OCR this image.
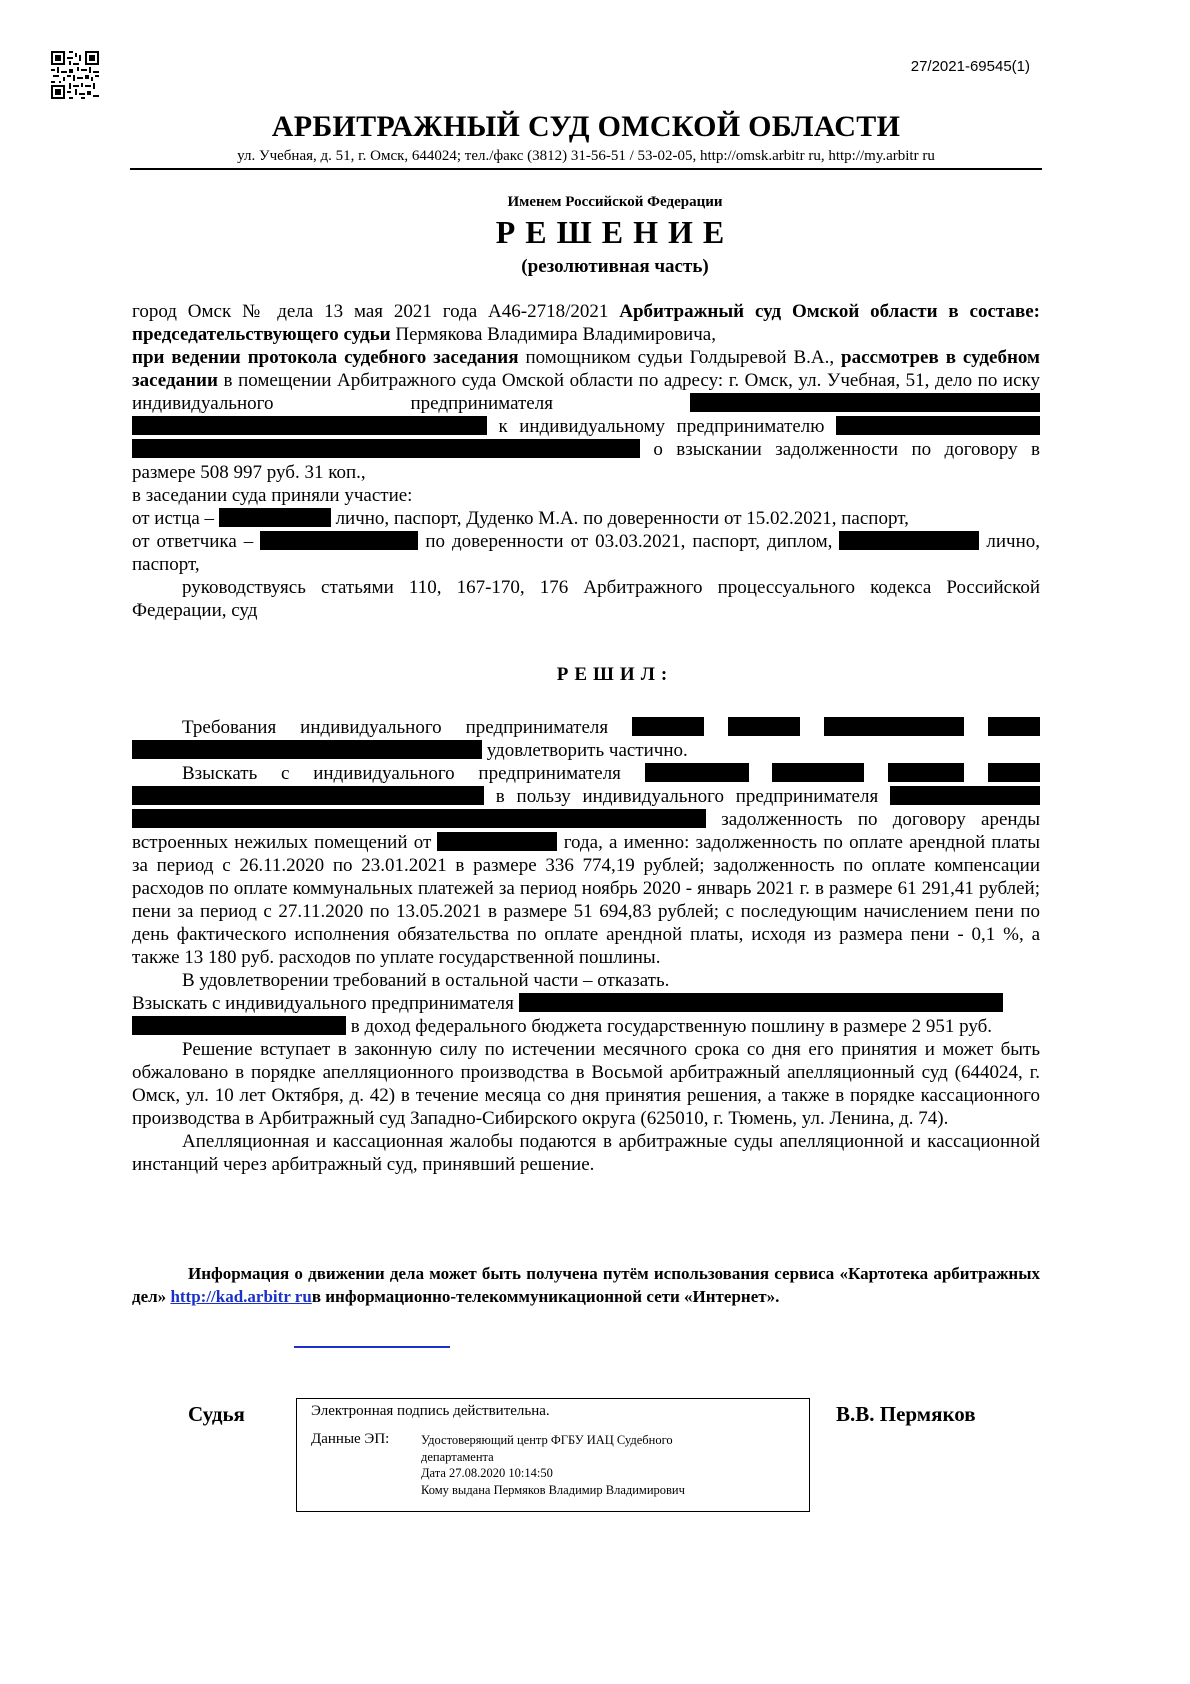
27/2021-69545(1)
АРБИТРАЖНЫЙ СУД ОМСКОЙ ОБЛАСТИ
ул. Учебная, д. 51, г. Омск, 644024; тел./факс (3812) 31-56-51 / 53-02-05, http://omsk.arbitr ru, http://my.arbitr ru
Именем Российской Федерации
РЕШЕНИЕ
(резолютивная часть)

город Омск № дела 13 мая 2021 года А46-2718/2021 Арбитражный суд Омской области в составе: председательствующего судьи Пермякова Владимира Владимировича,

при ведении протокола судебного заседания помощником судьи Голдыревой В.А., рассмотрев в судебном заседании в помещении Арбитражного суда Омской области по адресу: г. Омск, ул. Учебная, 51, дело по иску индивидуального предпринимателя   к индивидуальному предпринимателю   о взыскании задолженности по договору в размере 508 997 руб. 31 коп.,

в заседании суда приняли участие:

от истца –	лично, паспорт, Дуденко М.А. по доверенности от 15.02.2021, паспорт,

от ответчика –	по доверенности от 03.03.2021, паспорт, диплом,	лично, паспорт,

руководствуясь статьями 110, 167-170, 176 Арбитражного процессуального кодекса Российской Федерации, суд

РЕШИЛ:

Требования индивидуального предпринимателя      удовлетворить частично.

Взыскать с индивидуального предпринимателя      в пользу индивидуального предпринимателя   задолженность по договору аренды встроенных нежилых помещений от	года, а именно: задолженность по оплате арендной платы за период с 26.11.2020 по 23.01.2021 в размере 336 774,19 рублей; задолженность по оплате компенсации расходов по оплате коммунальных платежей за период ноябрь 2020 - январь 2021 г. в размере 61 291,41 рублей; пени за период с 27.11.2020 по 13.05.2021 в размере 51 694,83 рублей; с последующим начислением пени по день фактического исполнения обязательства по оплате арендной платы, исходя из размера пени - 0,1 %, а также 13 180 руб. расходов по уплате государственной пошлины.

В удовлетворении требований в остальной части – отказать.

Взыскать с индивидуального предпринимателя   в доход федерального бюджета государственную пошлину в размере 2 951 руб.

Решение вступает в законную силу по истечении месячного срока со дня его принятия и может быть обжаловано в порядке апелляционного производства в Восьмой арбитражный апелляционный суд (644024, г. Омск, ул. 10 лет Октября, д. 42) в течение месяца со дня принятия решения, а также в порядке кассационного производства в Арбитражный суд Западно-Сибирского округа (625010, г. Тюмень, ул. Ленина, д. 74).

Апелляционная и кассационная жалобы подаются в арбитражные суды апелляционной и кассационной инстанций через арбитражный суд, принявший решение.

Информация о движении дела может быть получена путём использования сервиса «Картотека арбитражных дел» http://kad.arbitr ruв информационно-телекоммуникационной сети «Интернет».
Судья	В.В. Пермяков
Электронная подпись действительна.
Данные ЭП:	Удостоверяющий центр ФГБУ ИАЦ Судебного
департамента
Дата 27.08.2020 10:14:50
Кому выдана Пермяков Владимир Владимирович
